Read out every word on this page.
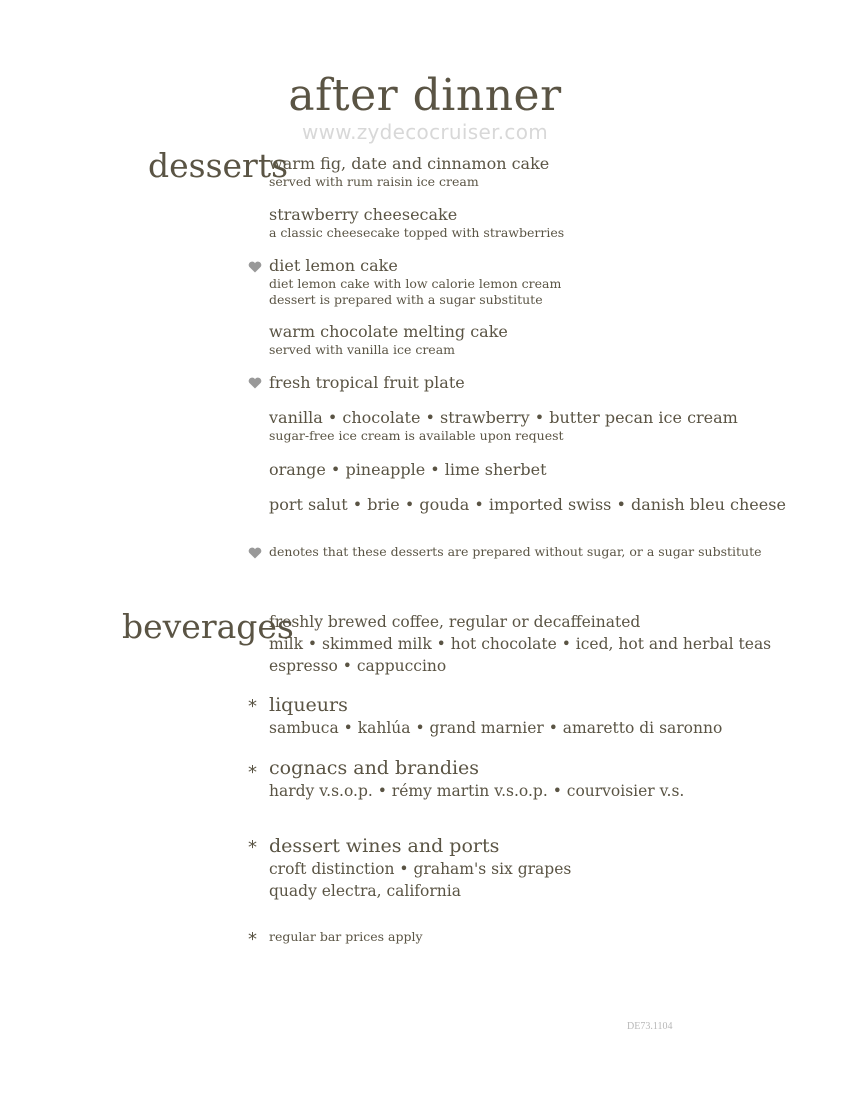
after dinner
www.zydecocruiser.com
desserts
warm fig, date and cinnamon cake
served with rum raisin ice cream
strawberry cheesecake
a classic cheesecake topped with strawberries
diet lemon cake
diet lemon cake with low calorie lemon cream
dessert is prepared with a sugar substitute
warm chocolate melting cake
served with vanilla ice cream
fresh tropical fruit plate
vanilla • chocolate • strawberry • butter pecan ice cream
sugar-free ice cream is available upon request
orange • pineapple • lime sherbet
port salut • brie • gouda • imported swiss • danish bleu cheese
denotes that these desserts are prepared without sugar, or a sugar substitute
beverages
freshly brewed coffee, regular or decaffeinated
milk • skimmed milk • hot chocolate • iced, hot and herbal teas
espresso • cappuccino
liqueurs
sambuca • kahlúa • grand marnier • amaretto di saronno
cognacs and brandies
hardy v.s.o.p. • rémy martin v.s.o.p. • courvoisier v.s.
dessert wines and ports
croft distinction • graham's six grapes
quady electra, california
regular bar prices apply
*
*
*
*
DE73.1104
